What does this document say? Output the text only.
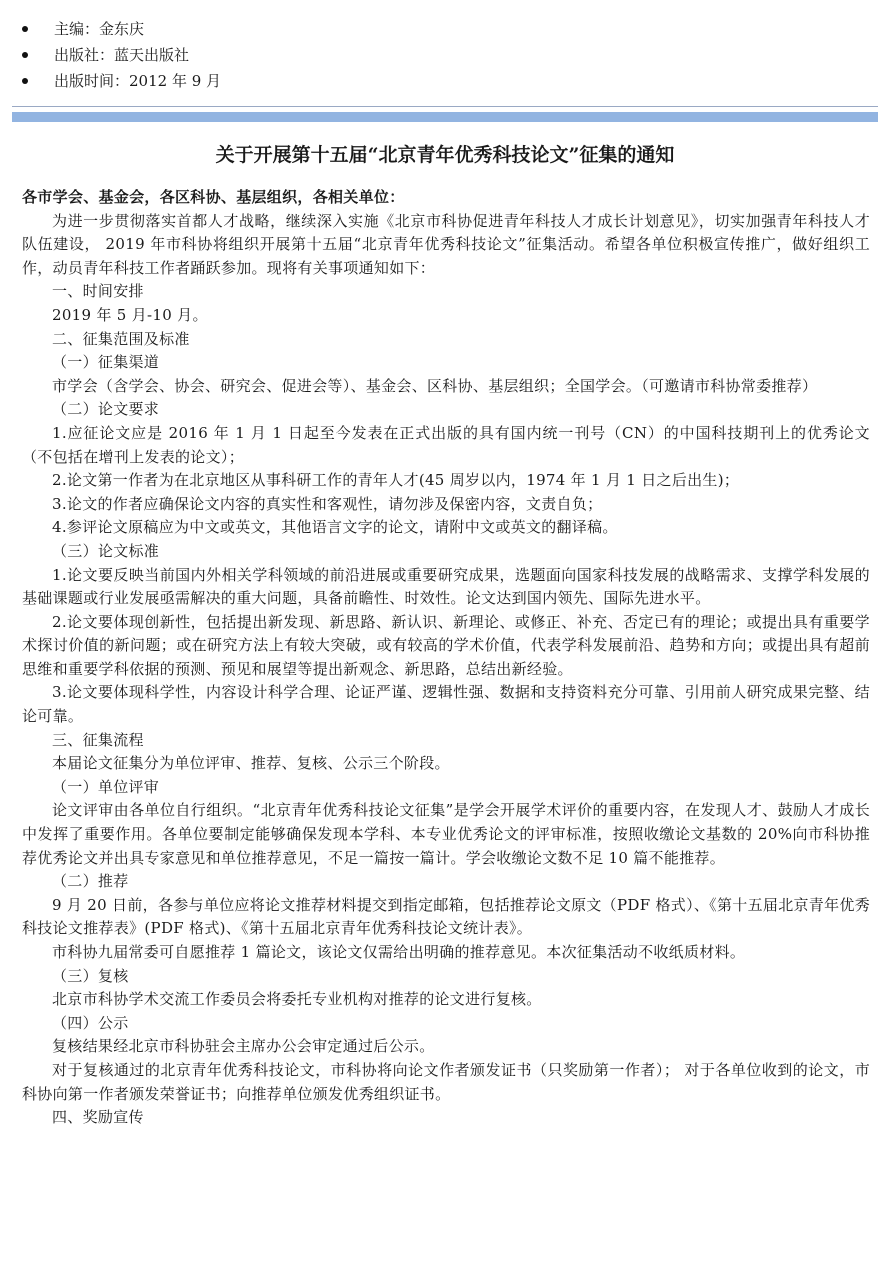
主编：金东庆
出版社：蓝天出版社
出版时间：2012 年 9 月
关于开展第十五届“北京青年优秀科技论文”征集的通知

各市学会、基金会，各区科协、基层组织，各相关单位：

为进一步贯彻落实首都人才战略，继续深入实施《北京市科协促进青年科技人才成长计划意见》，切实加强青年科技人才队伍建设， 2019 年市科协将组织开展第十五届“北京青年优秀科技论文”征集活动。希望各单位积极宣传推广，做好组织工作，动员青年科技工作者踊跃参加。现将有关事项通知如下：

一、时间安排

2019 年 5 月-10 月。

二、征集范围及标准

（一）征集渠道

市学会（含学会、协会、研究会、促进会等）、基金会、区科协、基层组织；全国学会。（可邀请市科协常委推荐）

（二）论文要求

1.应征论文应是 2016 年 1 月 1 日起至今发表在正式出版的具有国内统一刊号（CN）的中国科技期刊上的优秀论文（不包括在增刊上发表的论文）；

2.论文第一作者为在北京地区从事科研工作的青年人才(45 周岁以内，1974 年 1 月 1 日之后出生)；

3.论文的作者应确保论文内容的真实性和客观性，请勿涉及保密内容，文责自负；

4.参评论文原稿应为中文或英文，其他语言文字的论文，请附中文或英文的翻译稿。

（三）论文标准

1.论文要反映当前国内外相关学科领域的前沿进展或重要研究成果，选题面向国家科技发展的战略需求、支撑学科发展的基础课题或行业发展亟需解决的重大问题，具备前瞻性、时效性。论文达到国内领先、国际先进水平。

2.论文要体现创新性，包括提出新发现、新思路、新认识、新理论、或修正、补充、否定已有的理论；或提出具有重要学术探讨价值的新问题；或在研究方法上有较大突破，或有较高的学术价值，代表学科发展前沿、趋势和方向；或提出具有超前思维和重要学科依据的预测、预见和展望等提出新观念、新思路，总结出新经验。

3.论文要体现科学性，内容设计科学合理、论证严谨、逻辑性强、数据和支持资料充分可靠、引用前人研究成果完整、结论可靠。

三、征集流程

本届论文征集分为单位评审、推荐、复核、公示三个阶段。

（一）单位评审

论文评审由各单位自行组织。“北京青年优秀科技论文征集”是学会开展学术评价的重要内容，在发现人才、鼓励人才成长中发挥了重要作用。各单位要制定能够确保发现本学科、本专业优秀论文的评审标准，按照收缴论文基数的 20%向市科协推荐优秀论文并出具专家意见和单位推荐意见，不足一篇按一篇计。学会收缴论文数不足 10 篇不能推荐。

（二）推荐

9 月 20 日前，各参与单位应将论文推荐材料提交到指定邮箱，包括推荐论文原文（PDF 格式）、《第十五届北京青年优秀科技论文推荐表》(PDF 格式)、《第十五届北京青年优秀科技论文统计表》。

市科协九届常委可自愿推荐 1 篇论文，该论文仅需给出明确的推荐意见。本次征集活动不收纸质材料。

（三）复核

北京市科协学术交流工作委员会将委托专业机构对推荐的论文进行复核。

（四）公示

复核结果经北京市科协驻会主席办公会审定通过后公示。

对于复核通过的北京青年优秀科技论文，市科协将向论文作者颁发证书（只奖励第一作者）； 对于各单位收到的论文，市科协向第一作者颁发荣誉证书；向推荐单位颁发优秀组织证书。

四、奖励宣传
